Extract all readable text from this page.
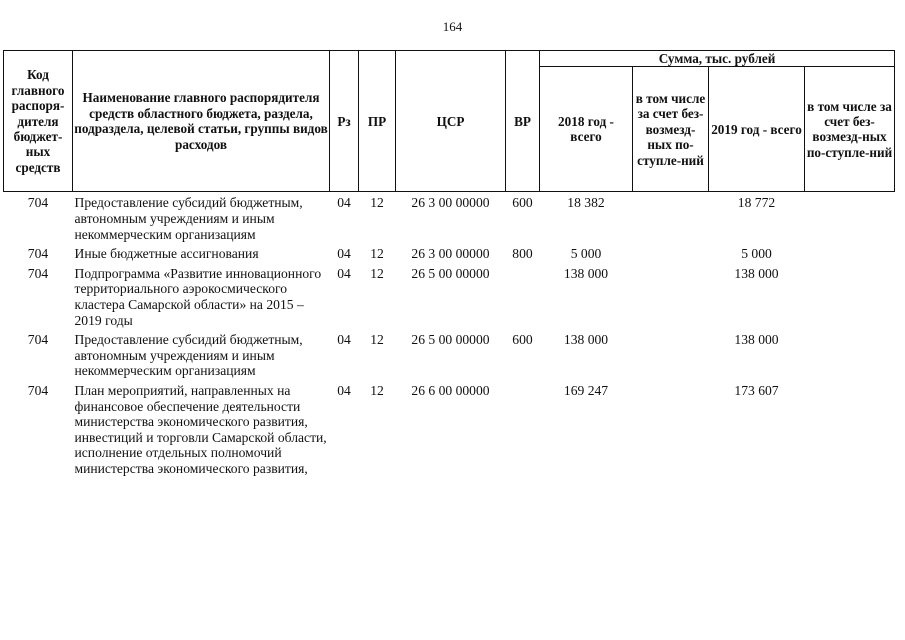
164
Код главного распоря-дителя бюджет-ных средств	Наименование главного распорядителя средств областного бюджета, раздела, подраздела, целевой статьи, группы видов расходов	Рз	ПР	ЦСР	ВР	Сумма, тыс. рублей			
						2018 год - всего	в том числе за счет без-возмезд-ных по-ступле-ний	2019 год - всего	в том числе за счет без-возмезд-ных по-ступле-ний
704	Предоставление субсидий бюджетным, автономным учреждениям и иным некоммерческим организациям	04	12	26 3 00 00000	600	18 382		18 772	
704	Иные бюджетные ассигнования	04	12	26 3 00 00000	800	5 000		5 000	
704	Подпрограмма «Развитие инновационного территориального аэрокосмического кластера Самарской области» на 2015 – 2019 годы	04	12	26 5 00 00000		138 000		138 000	
704	Предоставление субсидий бюджетным, автономным учреждениям и иным некоммерческим организациям	04	12	26 5 00 00000	600	138 000		138 000	
704	План мероприятий, направленных на финансовое обеспечение деятельности министерства экономического развития, инвестиций и торговли Самарской области, исполнение отдельных полномочий министерства экономического развития,	04	12	26 6 00 00000		169 247		173 607	
